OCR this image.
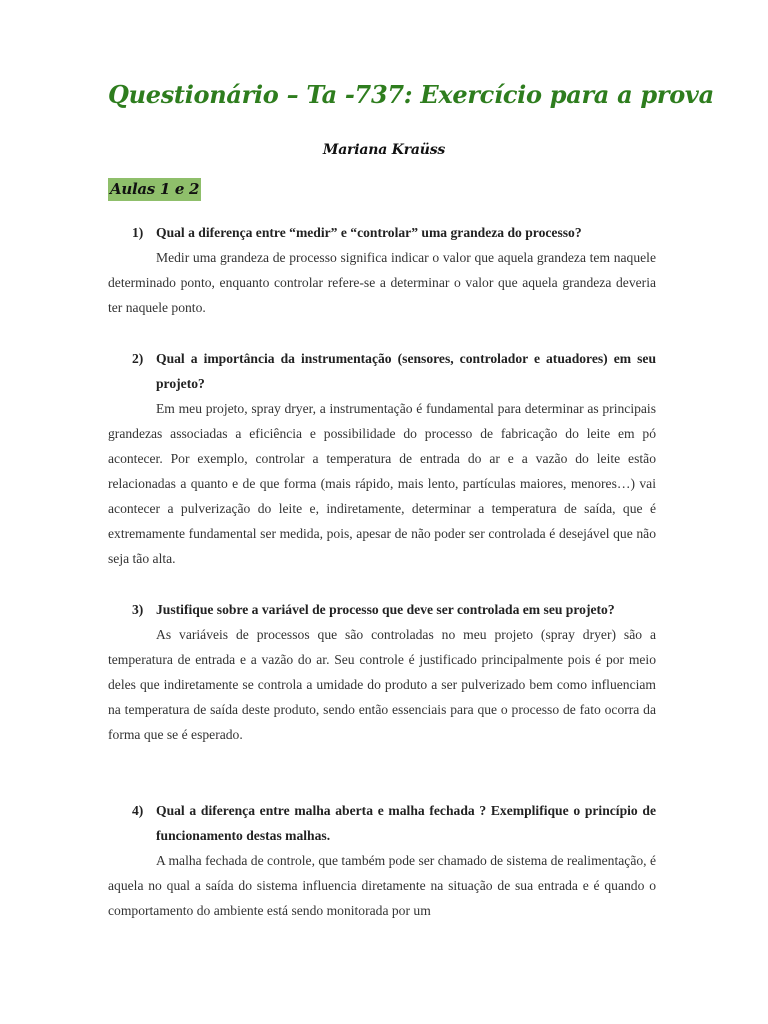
Questionário – Ta -737: Exercício para a prova
Mariana Kraüss
Aulas 1 e 2
1) Qual a diferença entre “medir” e “controlar” uma grandeza do processo?

Medir uma grandeza de processo significa indicar o valor que aquela grandeza tem naquele determinado ponto, enquanto controlar refere-se a determinar o valor que aquela grandeza deveria ter naquele ponto.

2) Qual a importância da instrumentação (sensores, controlador e atuadores) em seu projeto?

Em meu projeto, spray dryer, a instrumentação é fundamental para determinar as principais grandezas associadas a eficiência e possibilidade do processo de fabricação do leite em pó acontecer. Por exemplo, controlar a temperatura de entrada do ar e a vazão do leite estão relacionadas a quanto e de que forma (mais rápido, mais lento, partículas maiores, menores…) vai acontecer a pulverização do leite e, indiretamente, determinar a temperatura de saída, que é extremamente fundamental ser medida, pois, apesar de não poder ser controlada é desejável que não seja tão alta.

3) Justifique sobre a variável de processo que deve ser controlada em seu projeto?

As variáveis de processos que são controladas no meu projeto (spray dryer) são a temperatura de entrada e a vazão do ar. Seu controle é justificado principalmente pois é por meio deles que indiretamente se controla a umidade do produto a ser pulverizado bem como influenciam na temperatura de saída deste produto, sendo então essenciais para que o processo de fato ocorra da forma que se é esperado.

4) Qual a diferença entre malha aberta e malha fechada ? Exemplifique o princípio de funcionamento destas malhas.

A malha fechada de controle, que também pode ser chamado de sistema de realimentação, é aquela no qual a saída do sistema influencia diretamente na situação de sua entrada e é quando o comportamento do ambiente está sendo monitorada por um
